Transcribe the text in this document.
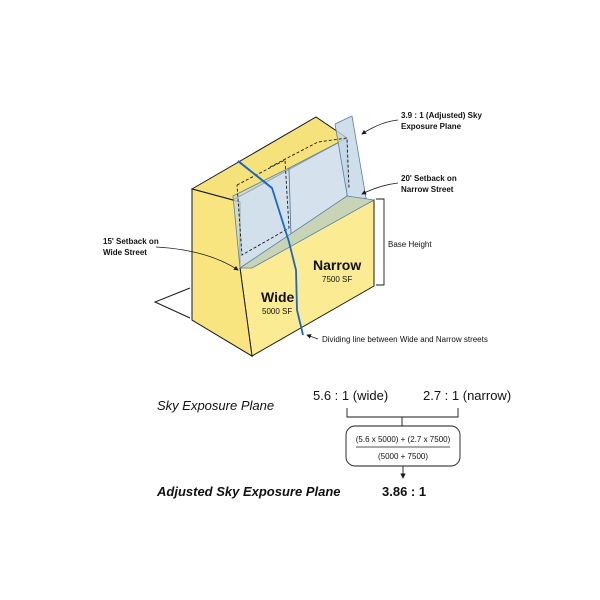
3.9 : 1 (Adjusted) Sky
Exposure Plane
20' Setback on
Narrow Street
Base Height
15' Setback on
Wide Street
Narrow
7500 SF
Wide
5000 SF
Dividing line between Wide and Narrow streets
Sky Exposure Plane
5.6 : 1 (wide)	2.7 : 1 (narrow)
(5.6 x 5000) + (2.7 x 7500)
(5000 + 7500)
Adjusted Sky Exposure Plane	3.86 : 1
